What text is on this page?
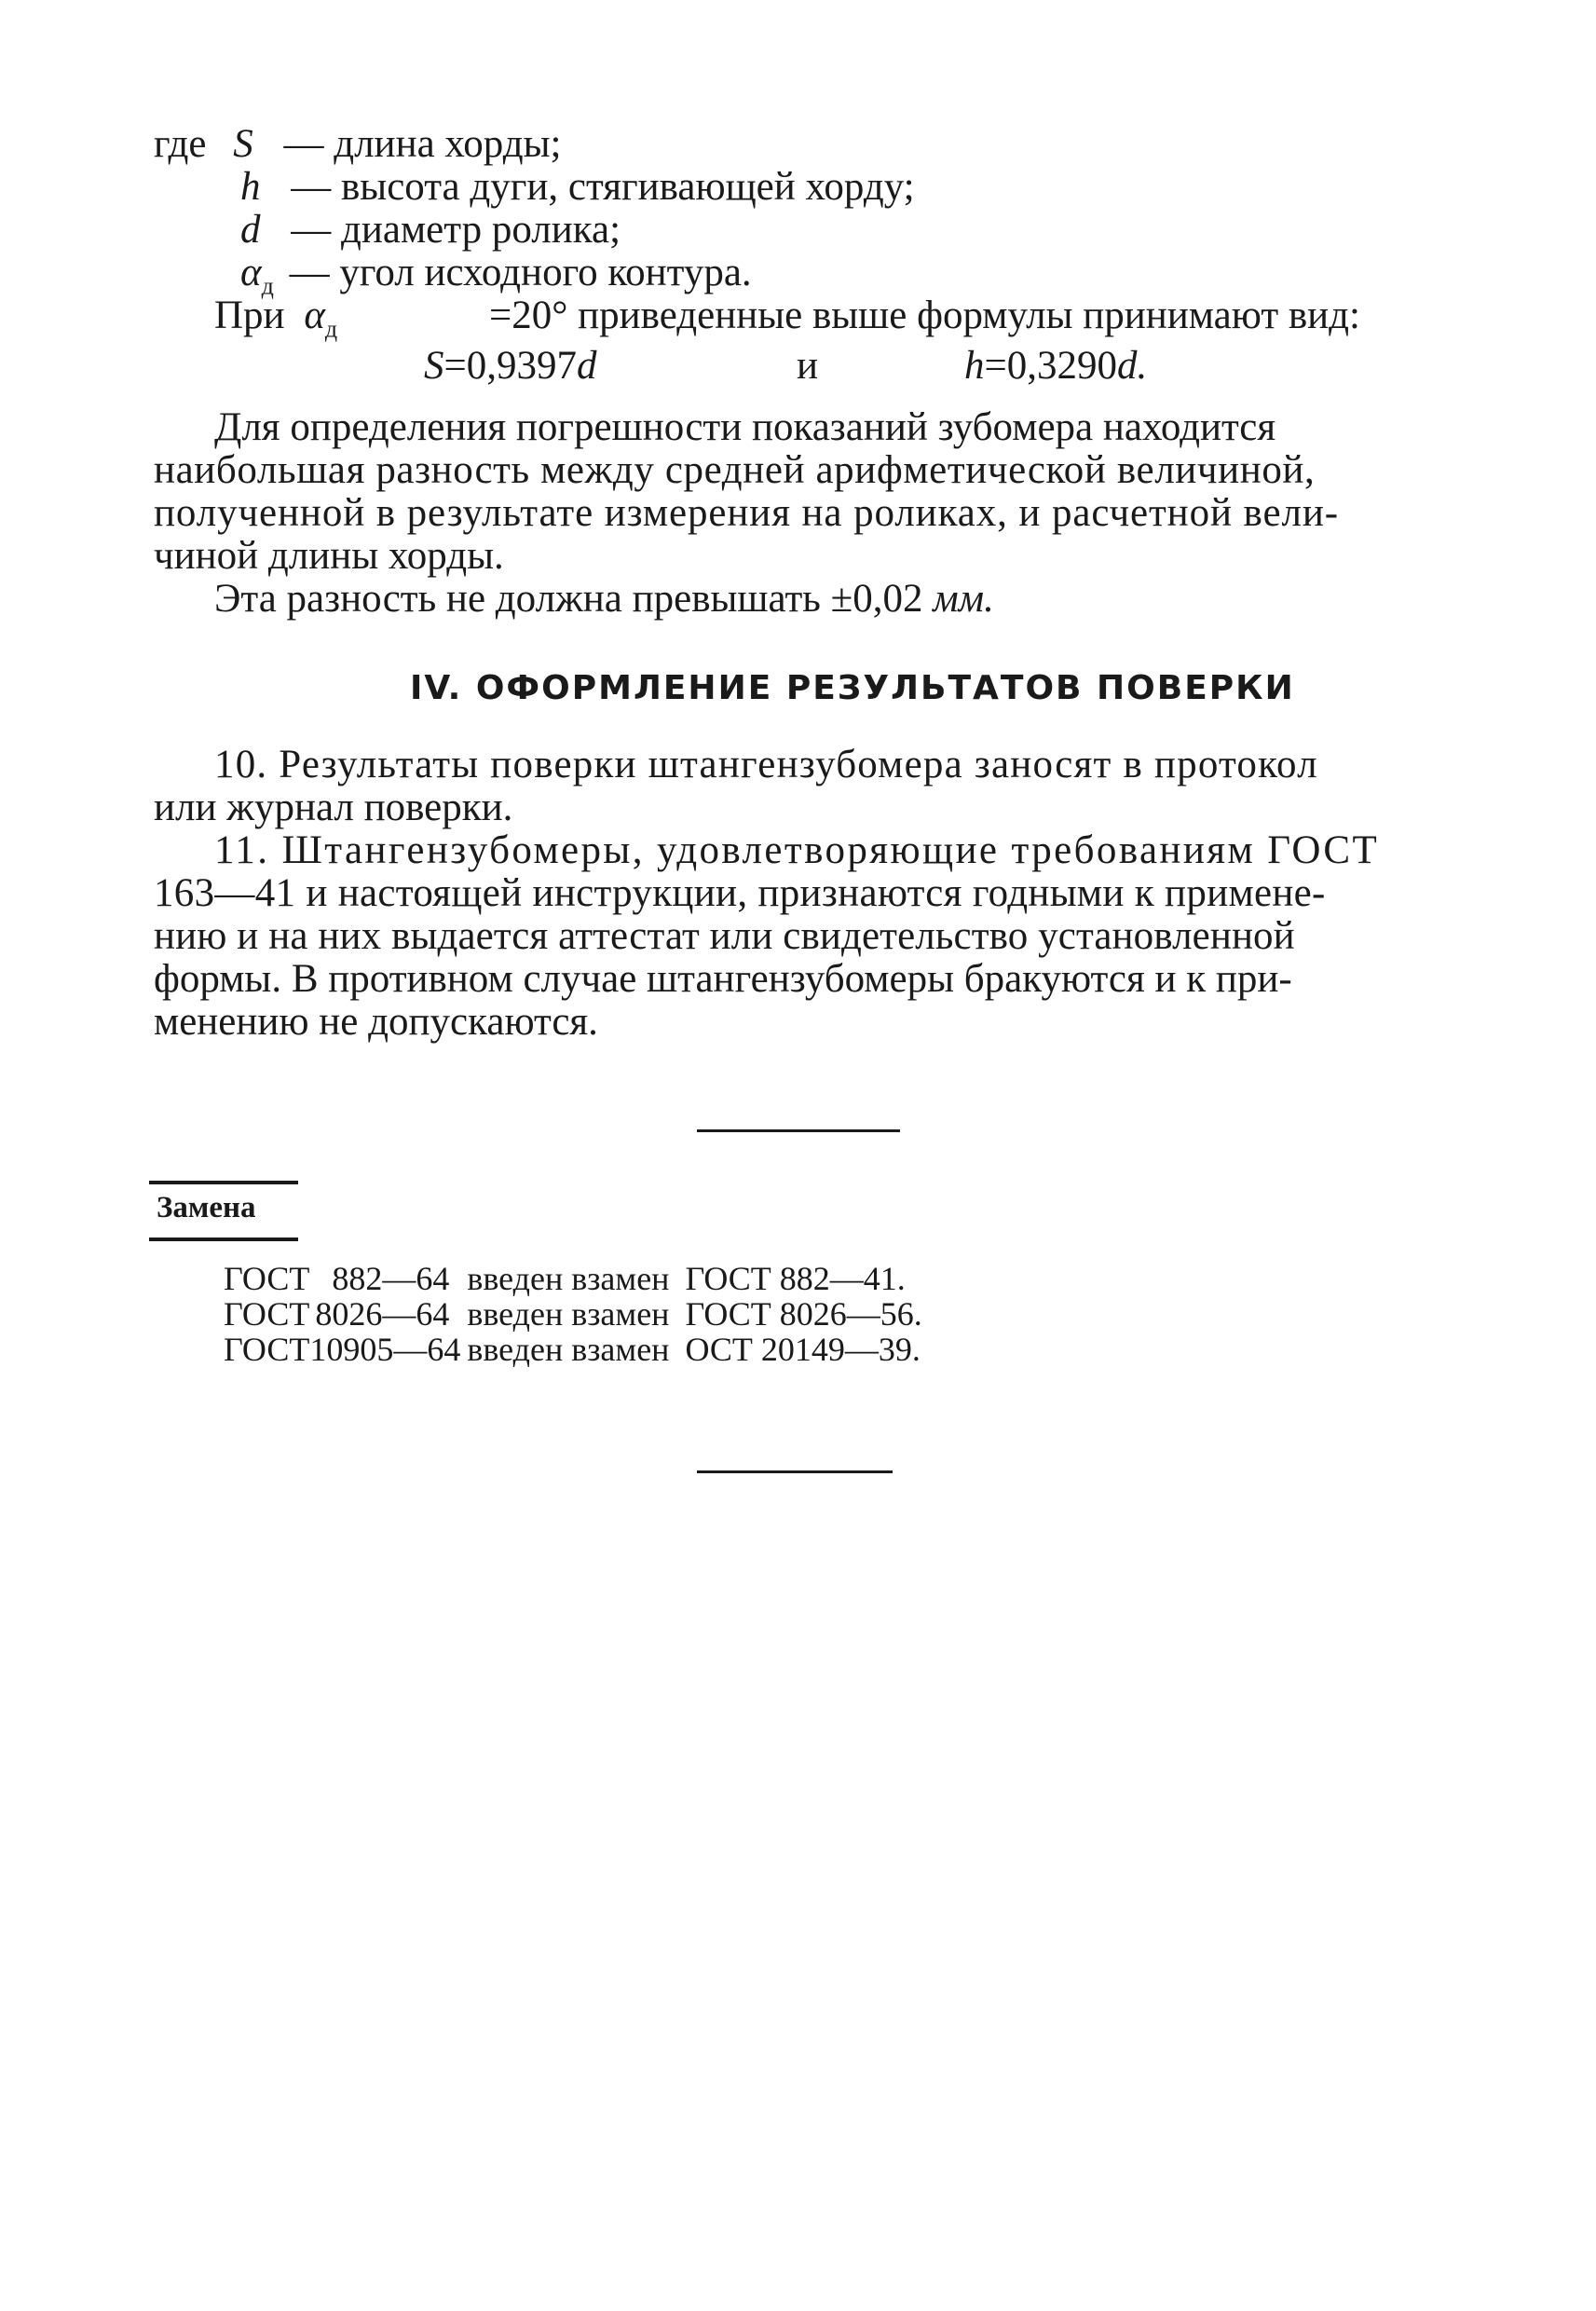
где S — длина хорды;
h — высота дуги, стягивающей хорду;
d — диаметр ролика;
$\alpha_д$ — угол исходного контура.
При $\alpha_д$	=20° приведенные выше формулы принимают вид:
S=0,9397d	и	h=0,3290d.
Для определения погрешности показаний зубомера находится
наибольшая разность между средней арифметической величиной,
полученной в результате измерения на роликах, и расчетной вели-
чиной длины хорды.
Эта разность не должна превышать ±0,02 мм.
IV. ОФОРМЛЕНИЕ РЕЗУЛЬТАТОВ ПОВЕРКИ
10. Результаты поверки штангензубомера заносят в протокол
или журнал поверки.
11. Штангензубомеры, удовлетворяющие требованиям ГОСТ
163—41 и настоящей инструкции, признаются годными к примене-
нию и на них выдается аттестат или свидетельство установленной
формы. В противном случае штангензубомеры бракуются и к при-
менению не допускаются.
Замена
ГОСТ 882—64 введен взамен ГОСТ 882—41.
ГОСТ 8026—64 введен взамен ГОСТ 8026—56.
ГОСТ10905—64 введен взамен ОСТ 20149—39.
